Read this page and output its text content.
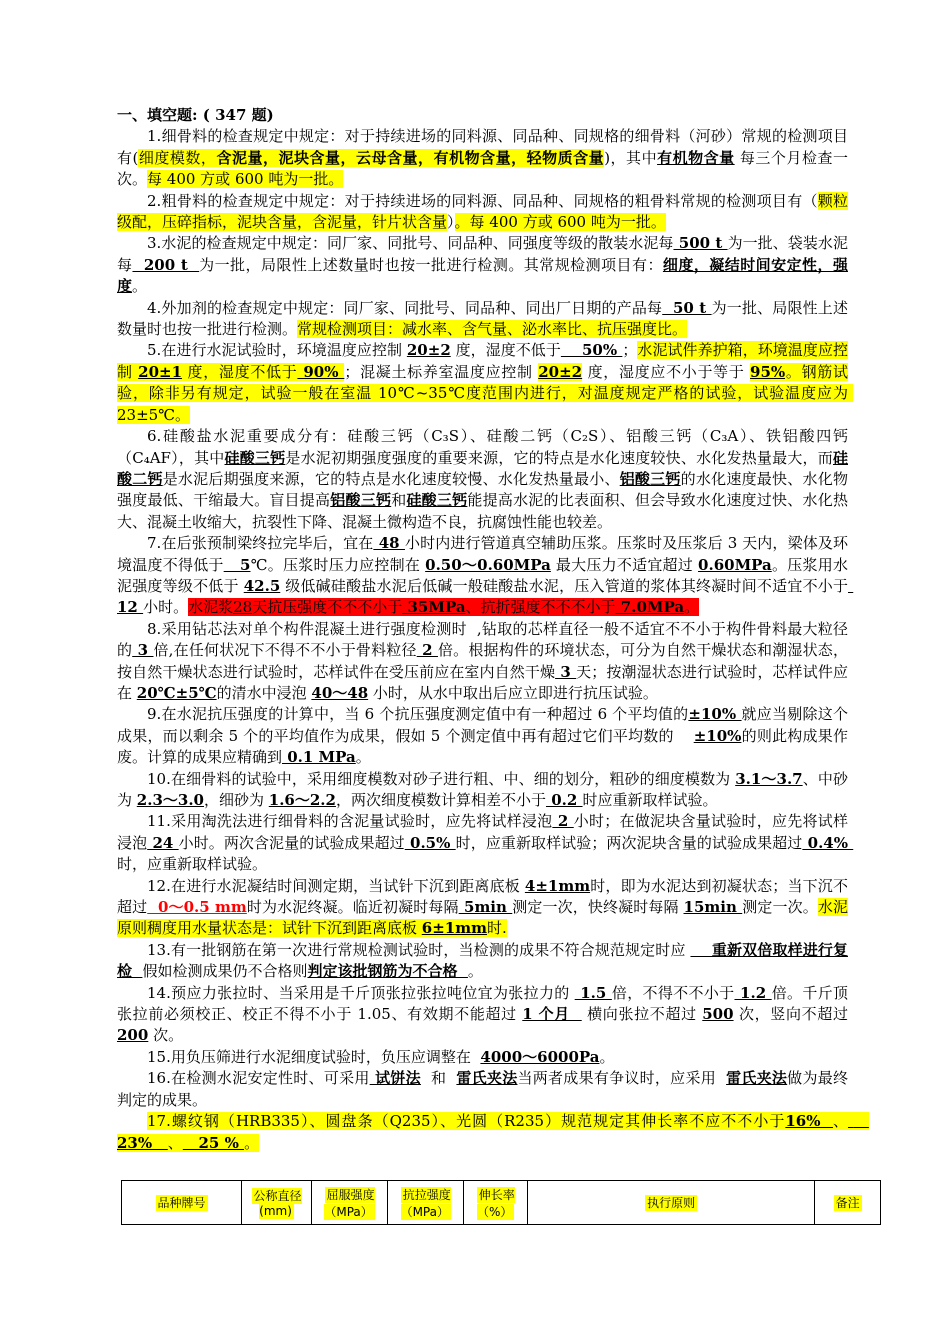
一、填空题: ( 347 题)

1.细骨料的检查规定中规定：对于持续进场的同料源、同品种、同规格的细骨料（河砂）常规的检测项目有(细度模数，含泥量，泥块含量，云母含量，有机物含量，轻物质含量)，其中有机物含量 每三个月检查一次。每 400 方或 600 吨为一批。

2.粗骨料的检查规定中规定：对于持续进场的同料源、同品种、同规格的粗骨料常规的检测项目有（颗粒级配，压碎指标，泥块含量，含泥量，针片状含量）。每 400 方或 600 吨为一批。

3.水泥的检查规定中规定：同厂家、同批号、同品种、同强度等级的散装水泥每 500 t 为一批、袋装水泥每  200 t  为一批，局限性上述数量时也按一批进行检测。其常规检测项目有：细度，凝结时间安定性，强度。

4.外加剂的检查规定中规定：同厂家、同批号、同品种、同出厂日期的产品每  50 t 为一批、局限性上述数量时也按一批进行检测。常规检测项目：减水率、含气量、泌水率比、抗压强度比。

5.在进行水泥试验时，环境温度应控制 20±2 度，湿度不低于    50% ；水泥试件养护箱，环境温度应控制 20±1 度，湿度不低于 90% ；混凝土标养室温度应控制 20±2 度，湿度应不小于等于 95%。钢筋试验，除非另有规定，试验一般在室温 10℃~35℃度范围内进行，对温度规定严格的试验，试验温度应为 23±5℃。

6.硅酸盐水泥重要成分有：硅酸三钙（C₃S）、硅酸二钙（C₂S）、铝酸三钙（C₃A）、铁铝酸四钙（C₄AF），其中硅酸三钙是水泥初期强度强度的重要来源，它的特点是水化速度较快、水化发热量最大，而硅酸二钙是水泥后期强度来源，它的特点是水化速度较慢、水化发热量最小、铝酸三钙的水化速度最快、水化物强度最低、干缩最大。盲目提高铝酸三钙和硅酸三钙能提高水泥的比表面积、但会导致水化速度过快、水化热大、混凝土收缩大，抗裂性下降、混凝土微构造不良，抗腐蚀性能也较差。

7.在后张预制梁终拉完毕后，宜在 48 小时内进行管道真空辅助压浆。压浆时及压浆后 3 天内，梁体及环境温度不得低于   5℃。压浆时压力应控制在 0.50～0.60MPa 最大压力不适宜超过 0.60MPa。压浆用水泥强度等级不低于 42.5 级低碱硅酸盐水泥后低碱一般硅酸盐水泥，压入管道的浆体其终凝时间不适宜不小于 12 小时。水泥浆28天抗压强度不不不小于 35MPa、抗折强度不不不小于 7.0MPa。

8.采用钻芯法对单个构件混凝土进行强度检测时  ,钻取的芯样直径一般不适宜不不小于构件骨料最大粒径的 3 倍,在任何状况下不得不不小于骨料粒径 2 倍。根据构件的环境状态，可分为自然干燥状态和潮湿状态，按自然干燥状态进行试验时，芯样试件在受压前应在室内自然干燥 3 天；按潮湿状态进行试验时，芯样试件应在 20℃±5℃的清水中浸泡 40～48 小时，从水中取出后应立即进行抗压试验。

9.在水泥抗压强度的计算中，当 6 个抗压强度测定值中有一种超过 6 个平均值的±10% 就应当剔除这个成果，而以剩余 5 个的平均值作为成果，假如 5 个测定值中再有超过它们平均数的    ±10%的则此构成果作废。计算的成果应精确到 0.1 MPa。

10.在细骨料的试验中，采用细度模数对砂子进行粗、中、细的划分，粗砂的细度模数为 3.1～3.7、中砂为 2.3～3.0，细砂为 1.6～2.2，两次细度模数计算相差不小于 0.2 时应重新取样试验。

11.采用淘洗法进行细骨料的含泥量试验时，应先将试样浸泡 2 小时；在做泥块含量试验时，应先将试样浸泡 24 小时。两次含泥量的试验成果超过 0.5% 时，应重新取样试验；两次泥块含量的试验成果超过 0.4% 时，应重新取样试验。

12.在进行水泥凝结时间测定期，当试针下沉到距离底板 4±1mm时，即为水泥达到初凝状态；当下沉不超过  0～0.5 mm时为水泥终凝。临近初凝时每隔 5min 测定一次，快终凝时每隔 15min 测定一次。水泥原则稠度用水量状态是：试针下沉到距离底板 6±1mm时.

13.有一批钢筋在第一次进行常规检测试验时，当检测的成果不符合规范规定时应     重新双倍取样进行复检  假如检测成果仍不合格则判定该批钢筋为不合格  。

14.预应力张拉时、当采用是千斤顶张拉张拉吨位宜为张拉力的  1.5 倍，不得不不小于 1.2 倍。千斤顶张拉前必须校正、校正不得不小于 1.05、有效期不能超过 1 个月   横向张拉不超过 500 次，竖向不超过 200 次。

15.用负压筛进行水泥细度试验时，负压应调整在  4000～6000Pa。

16.在检测水泥安定性时、可采用 试饼法  和  雷氏夹法当两者成果有争议时，应采用  雷氏夹法做为最终判定的成果。

17.螺纹钢（HRB335）、圆盘条（Q235）、光圆（R235）规范规定其伸长率不应不不小于16%  、    23%   、   25 % 。

品种牌号	公称直径(mm)	屈服强度（MPa）	抗拉强度（MPa）	伸长率（%）	执行原则	备注
